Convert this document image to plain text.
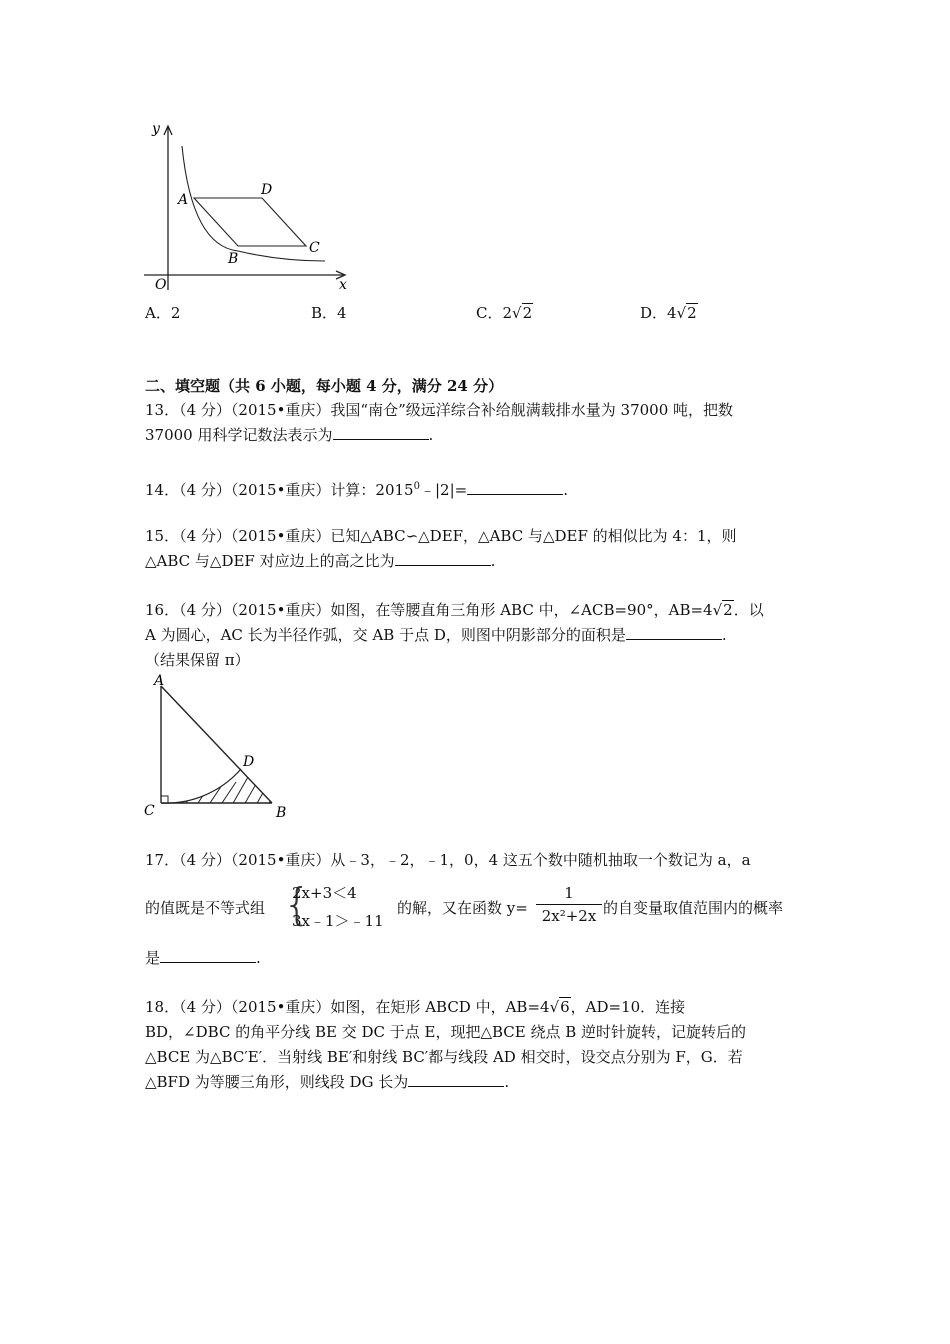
y
x
O
A
D
C
B
A．2	B．4	C．2√2	D．4√2
二、填空题（共 6 小题，每小题 4 分，满分 24 分）
13．（4 分）（2015•重庆）我国“南仓”级远洋综合补给舰满载排水量为 37000 吨，把数
37000 用科学记数法表示为	.
14．（4 分）（2015•重庆）计算：$2015^0﹣|2|=$	.
15．（4 分）（2015•重庆）已知△ABC∽△DEF，△ABC 与△DEF 的相似比为 4：1，则
△ABC 与△DEF 对应边上的高之比为	.
16．（4 分）（2015•重庆）如图，在等腰直角三角形 ABC 中，∠ACB=90°，AB=4√2．以
A 为圆心，AC 长为半径作弧，交 AB 于点 D，则图中阴影部分的面积是	.
（结果保留 π）
A
D
C	B
17．（4 分）（2015•重庆）从﹣3，﹣2，﹣1，0，4 这五个数中随机抽取一个数记为 a，a
的值既是不等式组 {
2x+3＜4
3x﹣1＞﹣11
的解，又在函数 $y= \frac{1}{\text{2x²+2x}}$ 的自变量取值范围内的概率
是	.
18．（4 分）（2015•重庆）如图，在矩形 ABCD 中，AB=4√6，AD=10．连接
BD，∠DBC 的角平分线 BE 交 DC 于点 E，现把△BCE 绕点 B 逆时针旋转，记旋转后的
△BCE 为△BC′E′．当射线 BE′和射线 BC′都与线段 AD 相交时，设交点分别为 F，G．若
△BFD 为等腰三角形，则线段 DG 长为	.
